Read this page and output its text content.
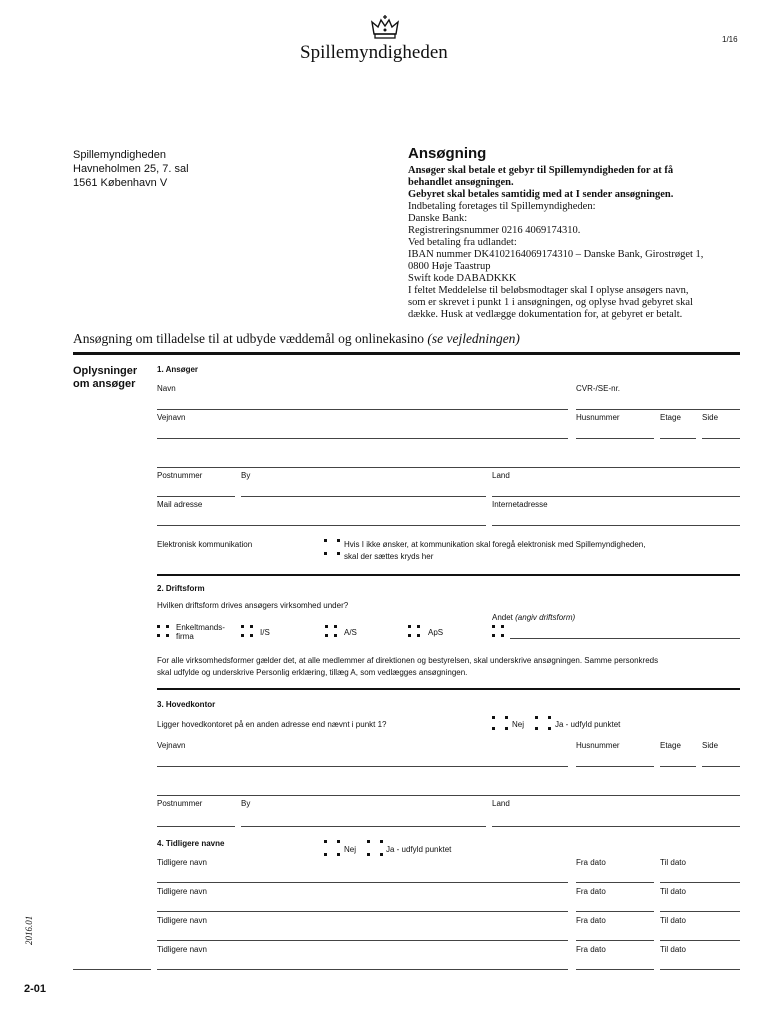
Spillemyndigheden
1/16
Spillemyndigheden
Havneholmen 25, 7. sal
1561 København V
Ansøgning
Ansøger skal betale et gebyr til Spillemyndigheden for at få
behandlet ansøgningen.
Gebyret skal betales samtidig med at I sender ansøgningen.
Indbetaling foretages til Spillemyndigheden:
Danske Bank:
Registreringsnummer 0216 4069174310.
Ved betaling fra udlandet:
IBAN nummer DK4102164069174310 – Danske Bank, Girostrøget 1,
0800 Høje Taastrup
Swift kode DABADKKK
I feltet Meddelelse til beløbsmodtager skal I oplyse ansøgers navn,
som er skrevet i punkt 1 i ansøgningen, og oplyse hvad gebyret skal
dække. Husk at vedlægge dokumentation for, at gebyret er betalt.
Ansøgning om tilladelse til at udbyde væddemål og onlinekasino (se vejledningen)
Oplysninger
om ansøger
1. Ansøger
Navn	CVR-/SE-nr.
Vejnavn	Husnummer	Etage	Side
Postnummer	By	Land
Mail adresse	Internetadresse
Elektronisk kommunikation	Hvis I ikke ønsker, at kommunikation skal foregå elektronisk med Spillemyndigheden,
skal der sættes kryds her
2. Driftsform
Hvilken driftsform drives ansøgers virksomhed under?
Andet (angiv driftsform)
Enkeltmands-
firma	I/S	A/S	ApS
For alle virksomhedsformer gælder det, at alle medlemmer af direktionen og bestyrelsen, skal underskrive ansøgningen. Samme personkreds
skal udfylde og underskrive Personlig erklæring, tillæg A, som vedlægges ansøgningen.
3. Hovedkontor
Ligger hovedkontoret på en anden adresse end nævnt i punkt 1?	Nej	Ja - udfyld punktet
Vejnavn	Husnummer	Etage	Side
Postnummer	By	Land
4. Tidligere navne
Nej	Ja - udfyld punktet
Tidligere navn	Fra dato	Til dato
Tidligere navn	Fra dato	Til dato
Tidligere navn	Fra dato	Til dato
Tidligere navn	Fra dato	Til dato
2016.01
2-01
